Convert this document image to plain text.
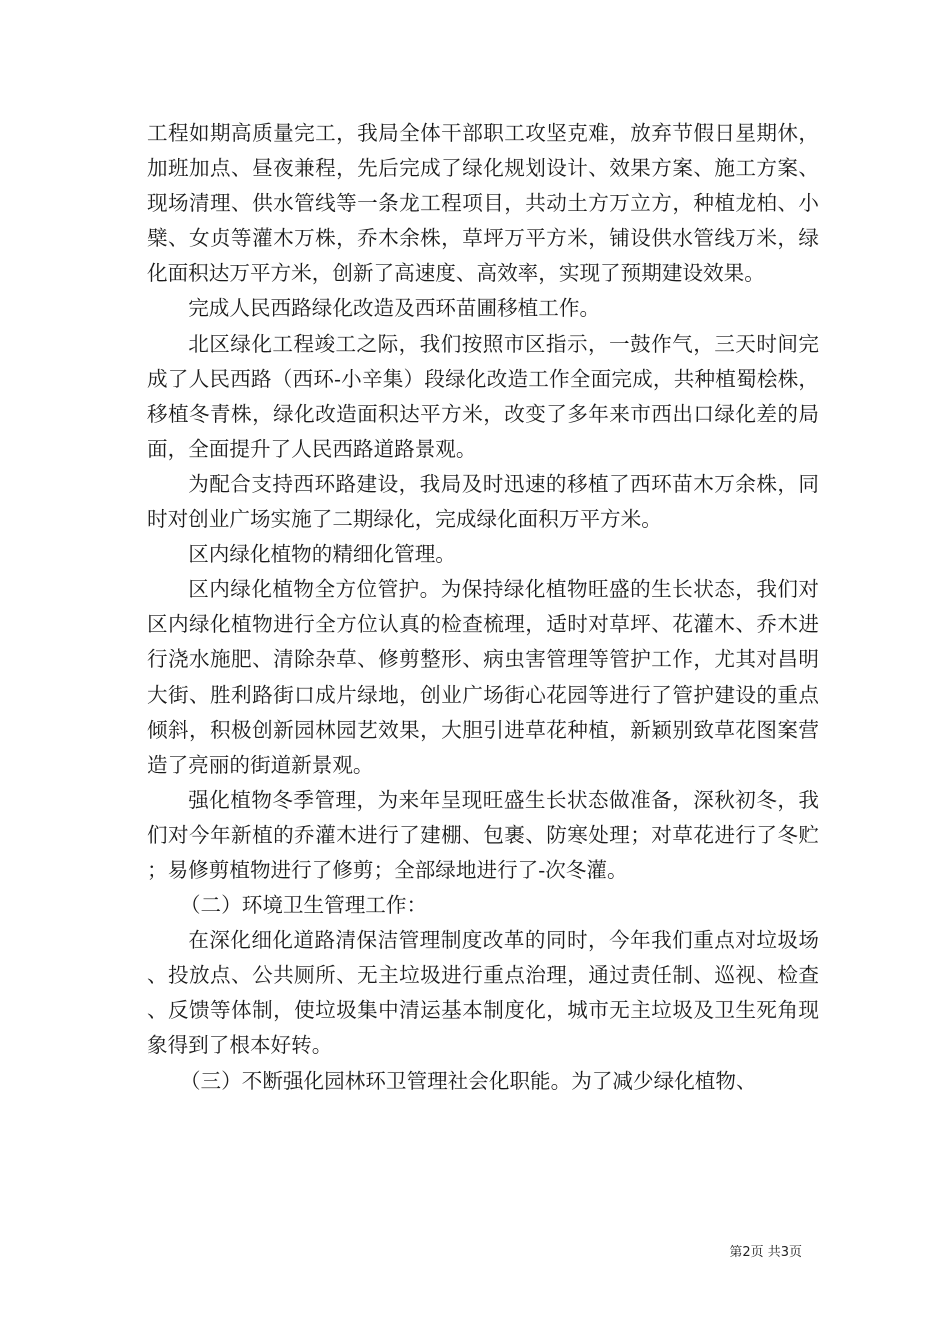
工程如期高质量完工，我局全体干部职工攻坚克难，放弃节假日星期休，加班加点、昼夜兼程，先后完成了绿化规划设计、效果方案、施工方案、现场清理、供水管线等一条龙工程项目，共动土方万立方，种植龙柏、小檗、女贞等灌木万株，乔木余株，草坪万平方米，铺设供水管线万米，绿化面积达万平方米，创新了高速度、高效率，实现了预期建设效果。

完成人民西路绿化改造及西环苗圃移植工作。

北区绿化工程竣工之际，我们按照市区指示，一鼓作气，三天时间完成了人民西路（西环-小辛集）段绿化改造工作全面完成，共种植蜀桧株，移植冬青株，绿化改造面积达平方米，改变了多年来市西出口绿化差的局面，全面提升了人民西路道路景观。

为配合支持西环路建设，我局及时迅速的移植了西环苗木万余株，同时对创业广场实施了二期绿化，完成绿化面积万平方米。

区内绿化植物的精细化管理。

区内绿化植物全方位管护。为保持绿化植物旺盛的生长状态，我们对区内绿化植物进行全方位认真的检查梳理，适时对草坪、花灌木、乔木进行浇水施肥、清除杂草、修剪整形、病虫害管理等管护工作，尤其对昌明大街、胜利路街口成片绿地，创业广场街心花园等进行了管护建设的重点倾斜，积极创新园林园艺效果，大胆引进草花种植，新颖别致草花图案营造了亮丽的街道新景观。

强化植物冬季管理，为来年呈现旺盛生长状态做准备，深秋初冬，我们对今年新植的乔灌木进行了建棚、包裹、防寒处理；对草花进行了冬贮；易修剪植物进行了修剪；全部绿地进行了-次冬灌。

（二）环境卫生管理工作：

在深化细化道路清保洁管理制度改革的同时，今年我们重点对垃圾场、投放点、公共厕所、无主垃圾进行重点治理，通过责任制、巡视、检查、反馈等体制，使垃圾集中清运基本制度化，城市无主垃圾及卫生死角现象得到了根本好转。

（三）不断强化园林环卫管理社会化职能。为了减少绿化植物、

第2页 共3页
